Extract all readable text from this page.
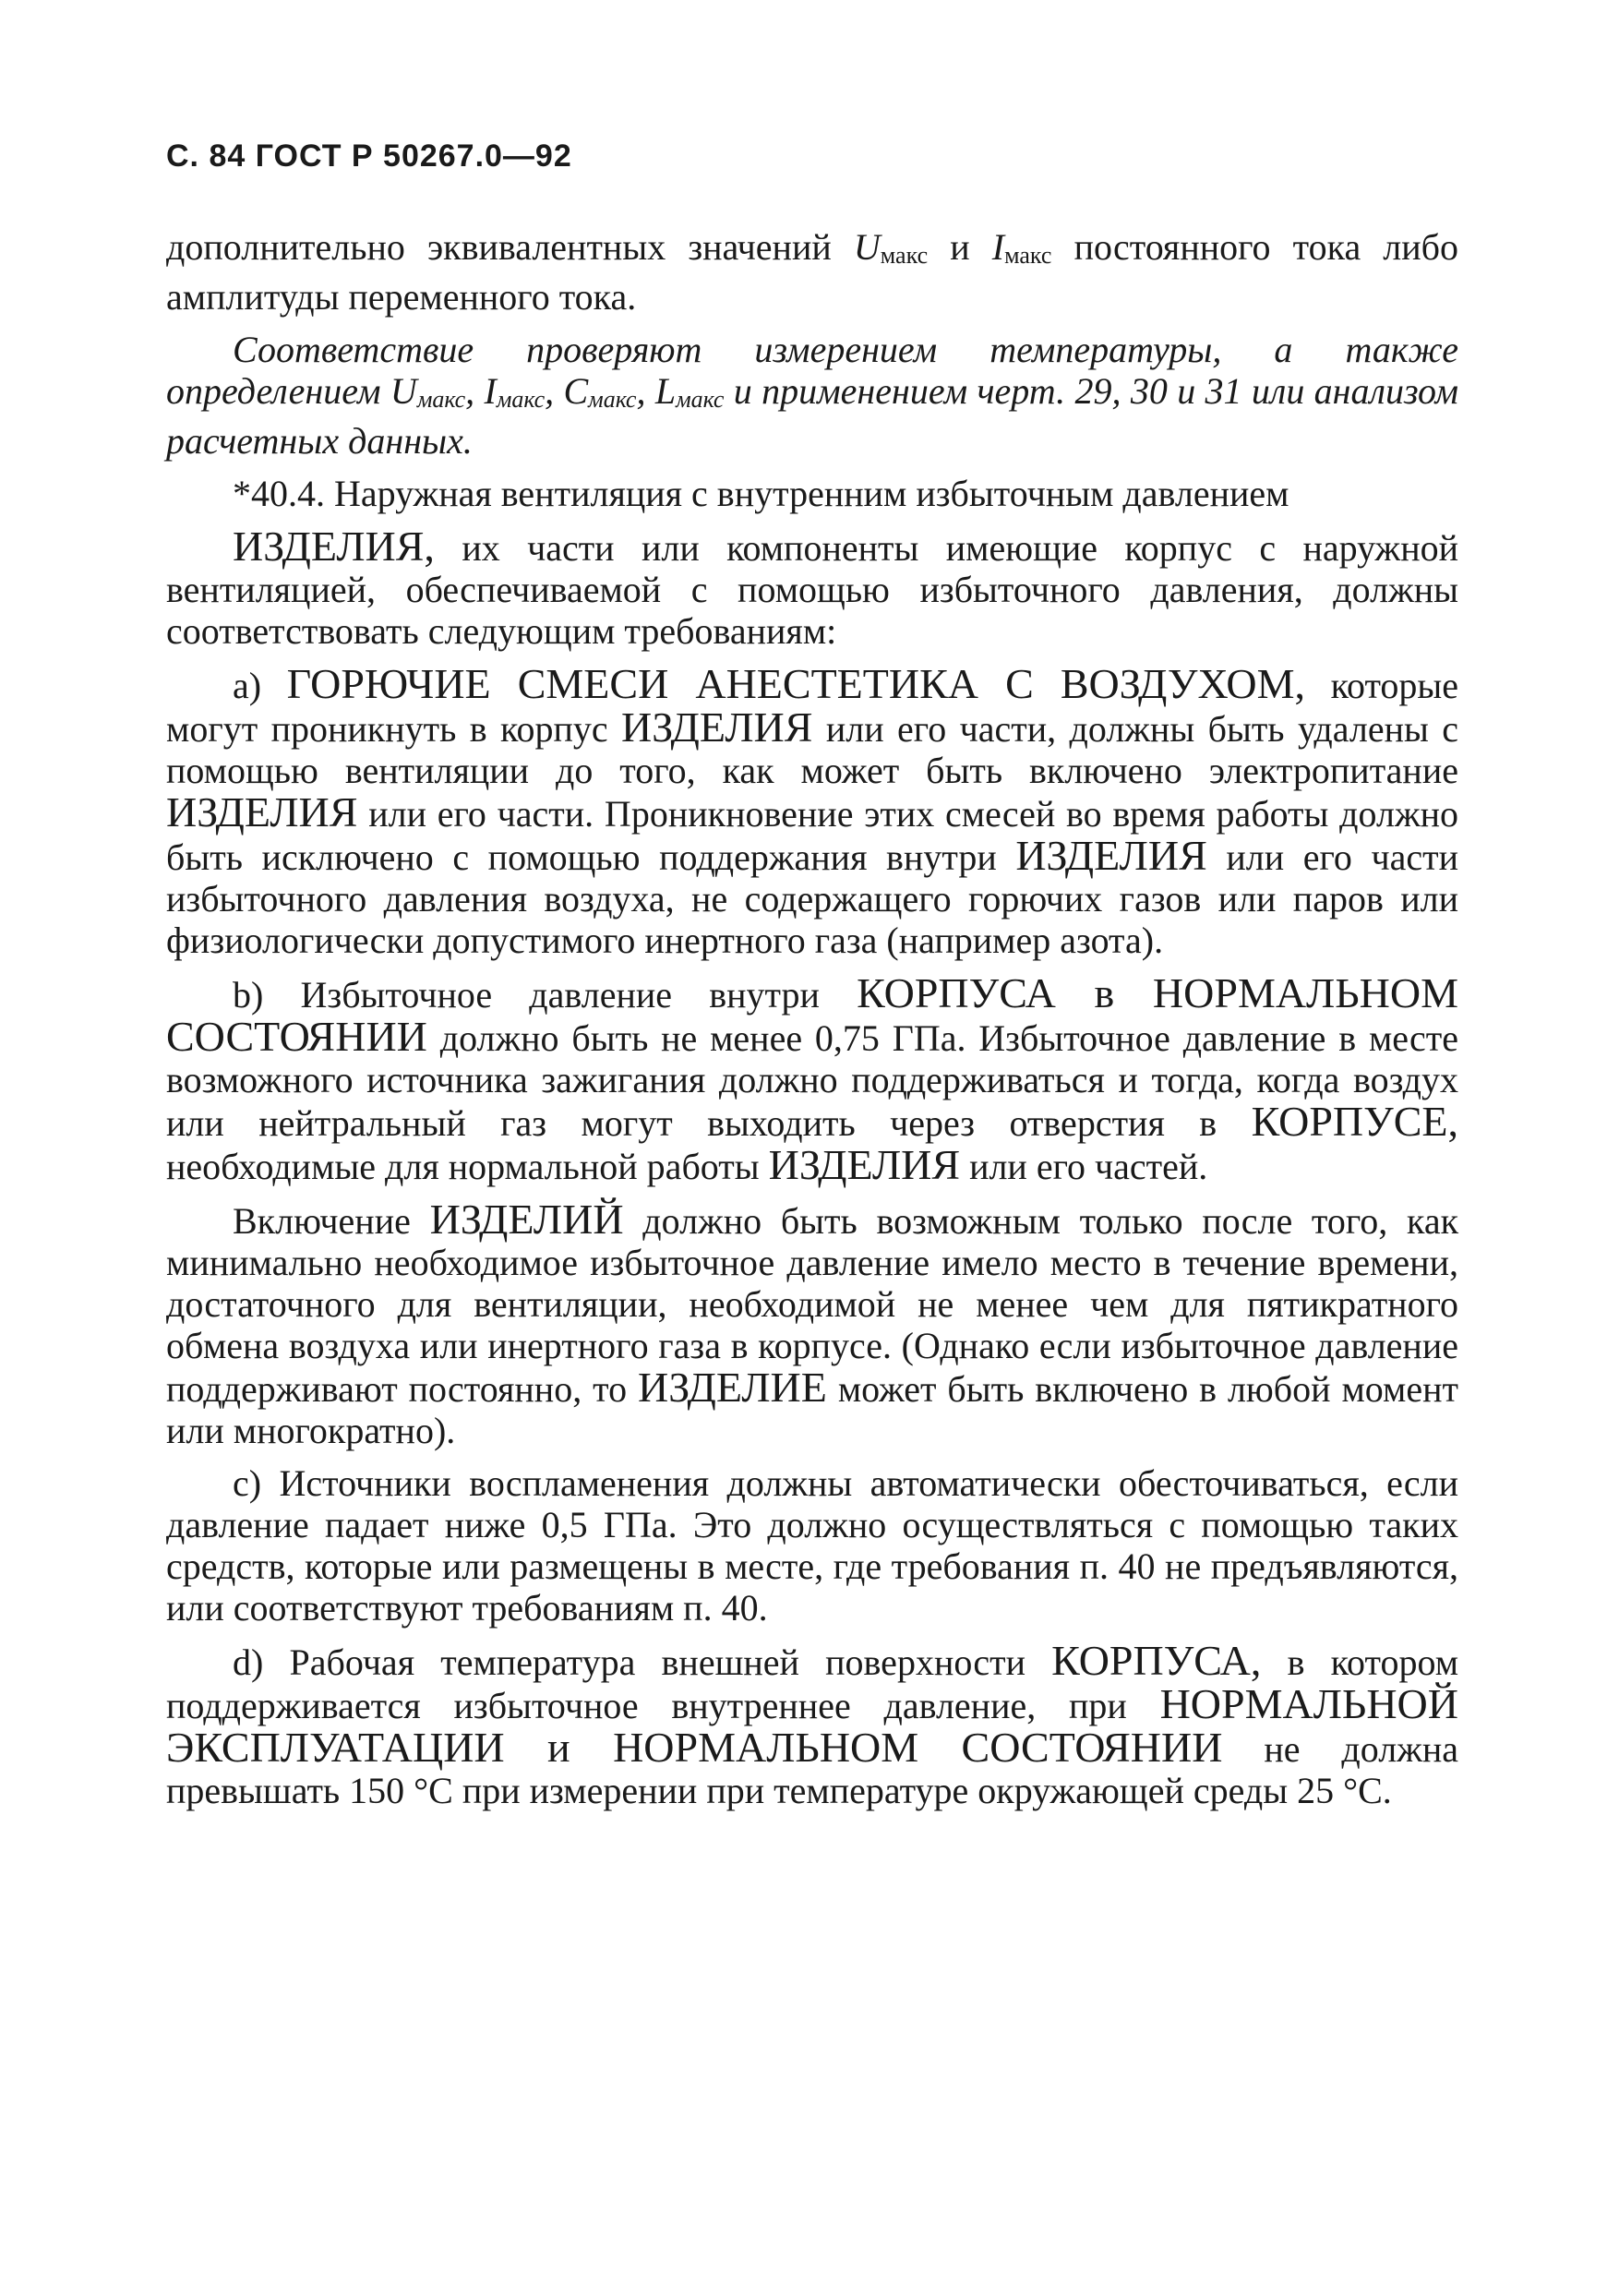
С. 84 ГОСТ Р 50267.0—92

дополнительно эквивалентных значений Uмакс и Iмакс постоянного тока либо амплитуды переменного тока.

Соответствие проверяют измерением температуры, а также определением Uмакс, Iмакс, Cмакс, Lмакс и применением черт. 29, 30 и 31 или анализом расчетных данных.

*40.4. Наружная вентиляция с внутренним избыточным давлением

ИЗДЕЛИЯ, их части или компоненты имеющие корпус с наружной вентиляцией, обеспечиваемой с помощью избыточного давления, должны соответствовать следующим требованиям:

a) ГОРЮЧИЕ СМЕСИ АНЕСТЕТИКА С ВОЗДУХОМ, которые могут проникнуть в корпус ИЗДЕЛИЯ или его части, должны быть удалены с помощью вентиляции до того, как может быть включено электропитание ИЗДЕЛИЯ или его части. Проникновение этих смесей во время работы должно быть исключено с помощью поддержания внутри ИЗДЕЛИЯ или его части избыточного давления воздуха, не содержащего горючих газов или паров или физиологически допустимого инертного газа (например азота).

b) Избыточное давление внутри КОРПУСА в НОРМАЛЬНОМ СОСТОЯНИИ должно быть не менее 0,75 ГПа. Избыточное давление в месте возможного источника зажигания должно поддерживаться и тогда, когда воздух или нейтральный газ могут выходить через отверстия в КОРПУСЕ, необходимые для нормальной работы ИЗДЕЛИЯ или его частей.

Включение ИЗДЕЛИЙ должно быть возможным только после того, как минимально необходимое избыточное давление имело место в течение времени, достаточного для вентиляции, необходимой не менее чем для пятикратного обмена воздуха или инертного газа в корпусе. (Однако если избыточное давление поддерживают постоянно, то ИЗДЕЛИЕ может быть включено в любой момент или многократно).

c) Источники воспламенения должны автоматически обесточиваться, если давление падает ниже 0,5 ГПа. Это должно осуществляться с помощью таких средств, которые или размещены в месте, где требования п. 40 не предъявляются, или соответствуют требованиям п. 40.

d) Рабочая температура внешней поверхности КОРПУСА, в котором поддерживается избыточное внутреннее давление, при НОРМАЛЬНОЙ ЭКСПЛУАТАЦИИ и НОРМАЛЬНОМ СОСТОЯНИИ не должна превышать 150 °С при измерении при температуре окружающей среды 25 °С.
